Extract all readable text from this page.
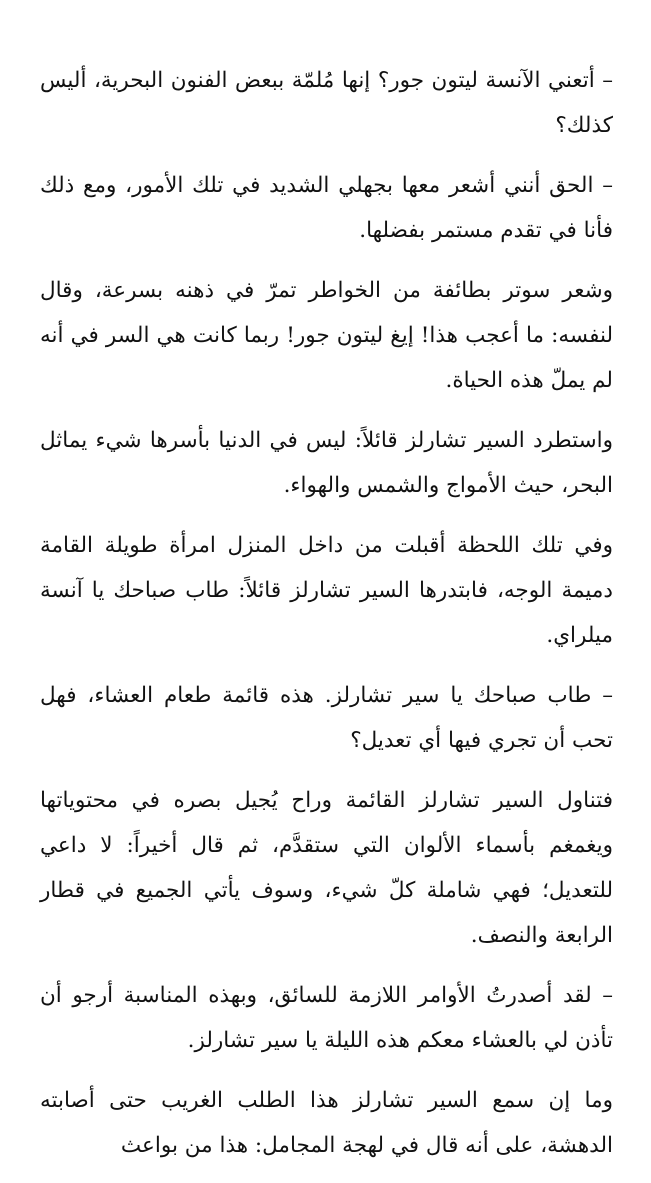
– أتعني الآنسة ليتون جور؟ إنها مُلمّة ببعض الفنون البحرية، أليس كذلك؟

– الحق أنني أشعر معها بجهلي الشديد في تلك الأمور، ومع ذلك فأنا في تقدم مستمر بفضلها.

وشعر سوتر بطائفة من الخواطر تمرّ في ذهنه بسرعة، وقال لنفسه: ما أعجب هذا! إيغ ليتون جور! ربما كانت هي السر في أنه لم يملّ هذه الحياة.

واستطرد السير تشارلز قائلاً: ليس في الدنيا بأسرها شيء يماثل البحر، حيث الأمواج والشمس والهواء.

وفي تلك اللحظة أقبلت من داخل المنزل امرأة طويلة القامة دميمة الوجه، فابتدرها السير تشارلز قائلاً: طاب صباحك يا آنسة ميلراي.

– طاب صباحك يا سير تشارلز. هذه قائمة طعام العشاء، فهل تحب أن تجري فيها أي تعديل؟

فتناول السير تشارلز القائمة وراح يُجيل بصره في محتوياتها ويغمغم بأسماء الألوان التي ستقدَّم، ثم قال أخيراً: لا داعي للتعديل؛ فهي شاملة كلّ شيء، وسوف يأتي الجميع في قطار الرابعة والنصف.

– لقد أصدرتُ الأوامر اللازمة للسائق، وبهذه المناسبة أرجو أن تأذن لي بالعشاء معكم هذه الليلة يا سير تشارلز.

وما إن سمع السير تشارلز هذا الطلب الغريب حتى أصابته الدهشة، على أنه قال في لهجة المجامل: هذا من بواعث
